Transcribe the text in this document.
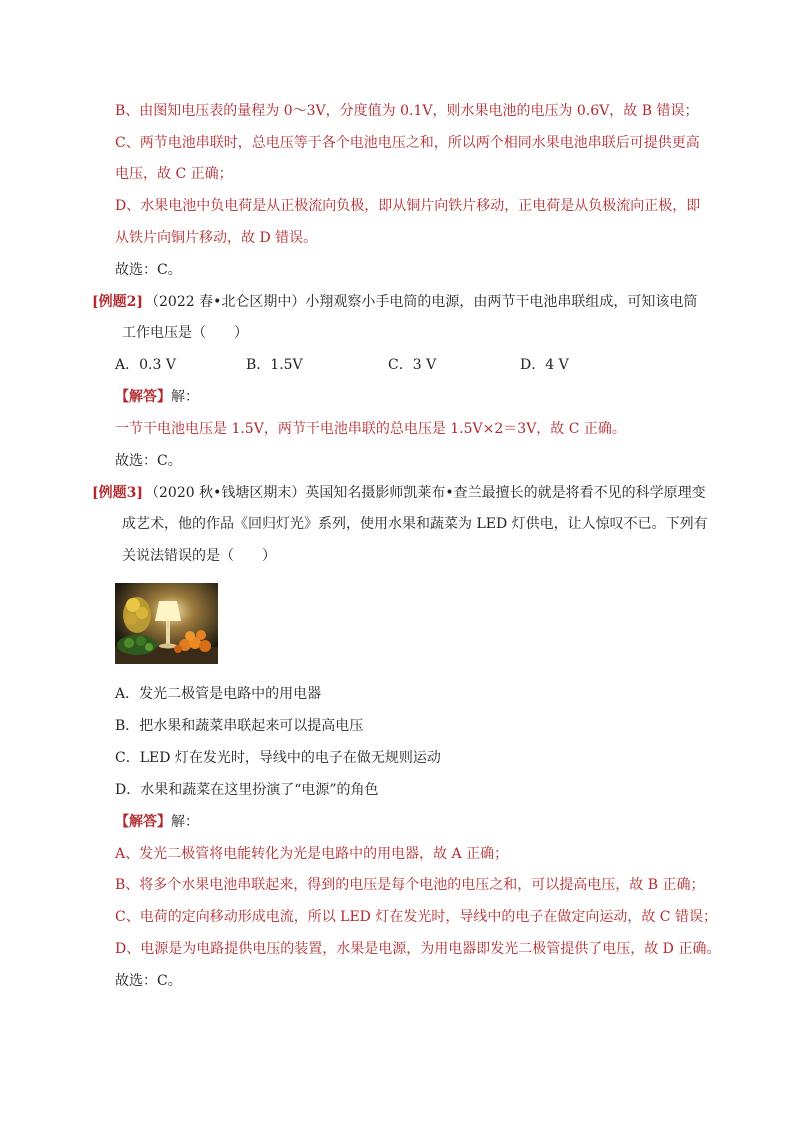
B、由图知电压表的量程为 0～3V，分度值为 0.1V，则水果电池的电压为 0.6V，故 B 错误；
C、两节电池串联时，总电压等于各个电池电压之和，所以两个相同水果电池串联后可提供更高
电压，故 C 正确；
D、水果电池中负电荷是从正极流向负极，即从铜片向铁片移动，正电荷是从负极流向正极，即
从铁片向铜片移动，故 D 错误。
故选：C。
[例题2] （2022 春•北仑区期中）小翔观察小手电筒的电源，由两节干电池串联组成，可知该电筒
工作电压是（　　）
A．0.3 V	B．1.5V	C．3 V	D．4 V
【解答】解：
一节干电池电压是 1.5V，两节干电池串联的总电压是 1.5V×2＝3V，故 C 正确。
故选：C。
[例题3] （2020 秋•钱塘区期末）英国知名摄影师凯莱布•查兰最擅长的就是将看不见的科学原理变
成艺术，他的作品《回归灯光》系列，使用水果和蔬菜为 LED 灯供电，让人惊叹不已。下列有
关说法错误的是（　　）
A．发光二极管是电路中的用电器
B．把水果和蔬菜串联起来可以提高电压
C．LED 灯在发光时，导线中的电子在做无规则运动
D．水果和蔬菜在这里扮演了“电源”的角色
【解答】解：
A、发光二极管将电能转化为光是电路中的用电器，故 A 正确；
B、将多个水果电池串联起来，得到的电压是每个电池的电压之和，可以提高电压，故 B 正确；
C、电荷的定向移动形成电流，所以 LED 灯在发光时，导线中的电子在做定向运动，故 C 错误；
D、电源是为电路提供电压的装置，水果是电源，为用电器即发光二极管提供了电压，故 D 正确。
故选：C。
